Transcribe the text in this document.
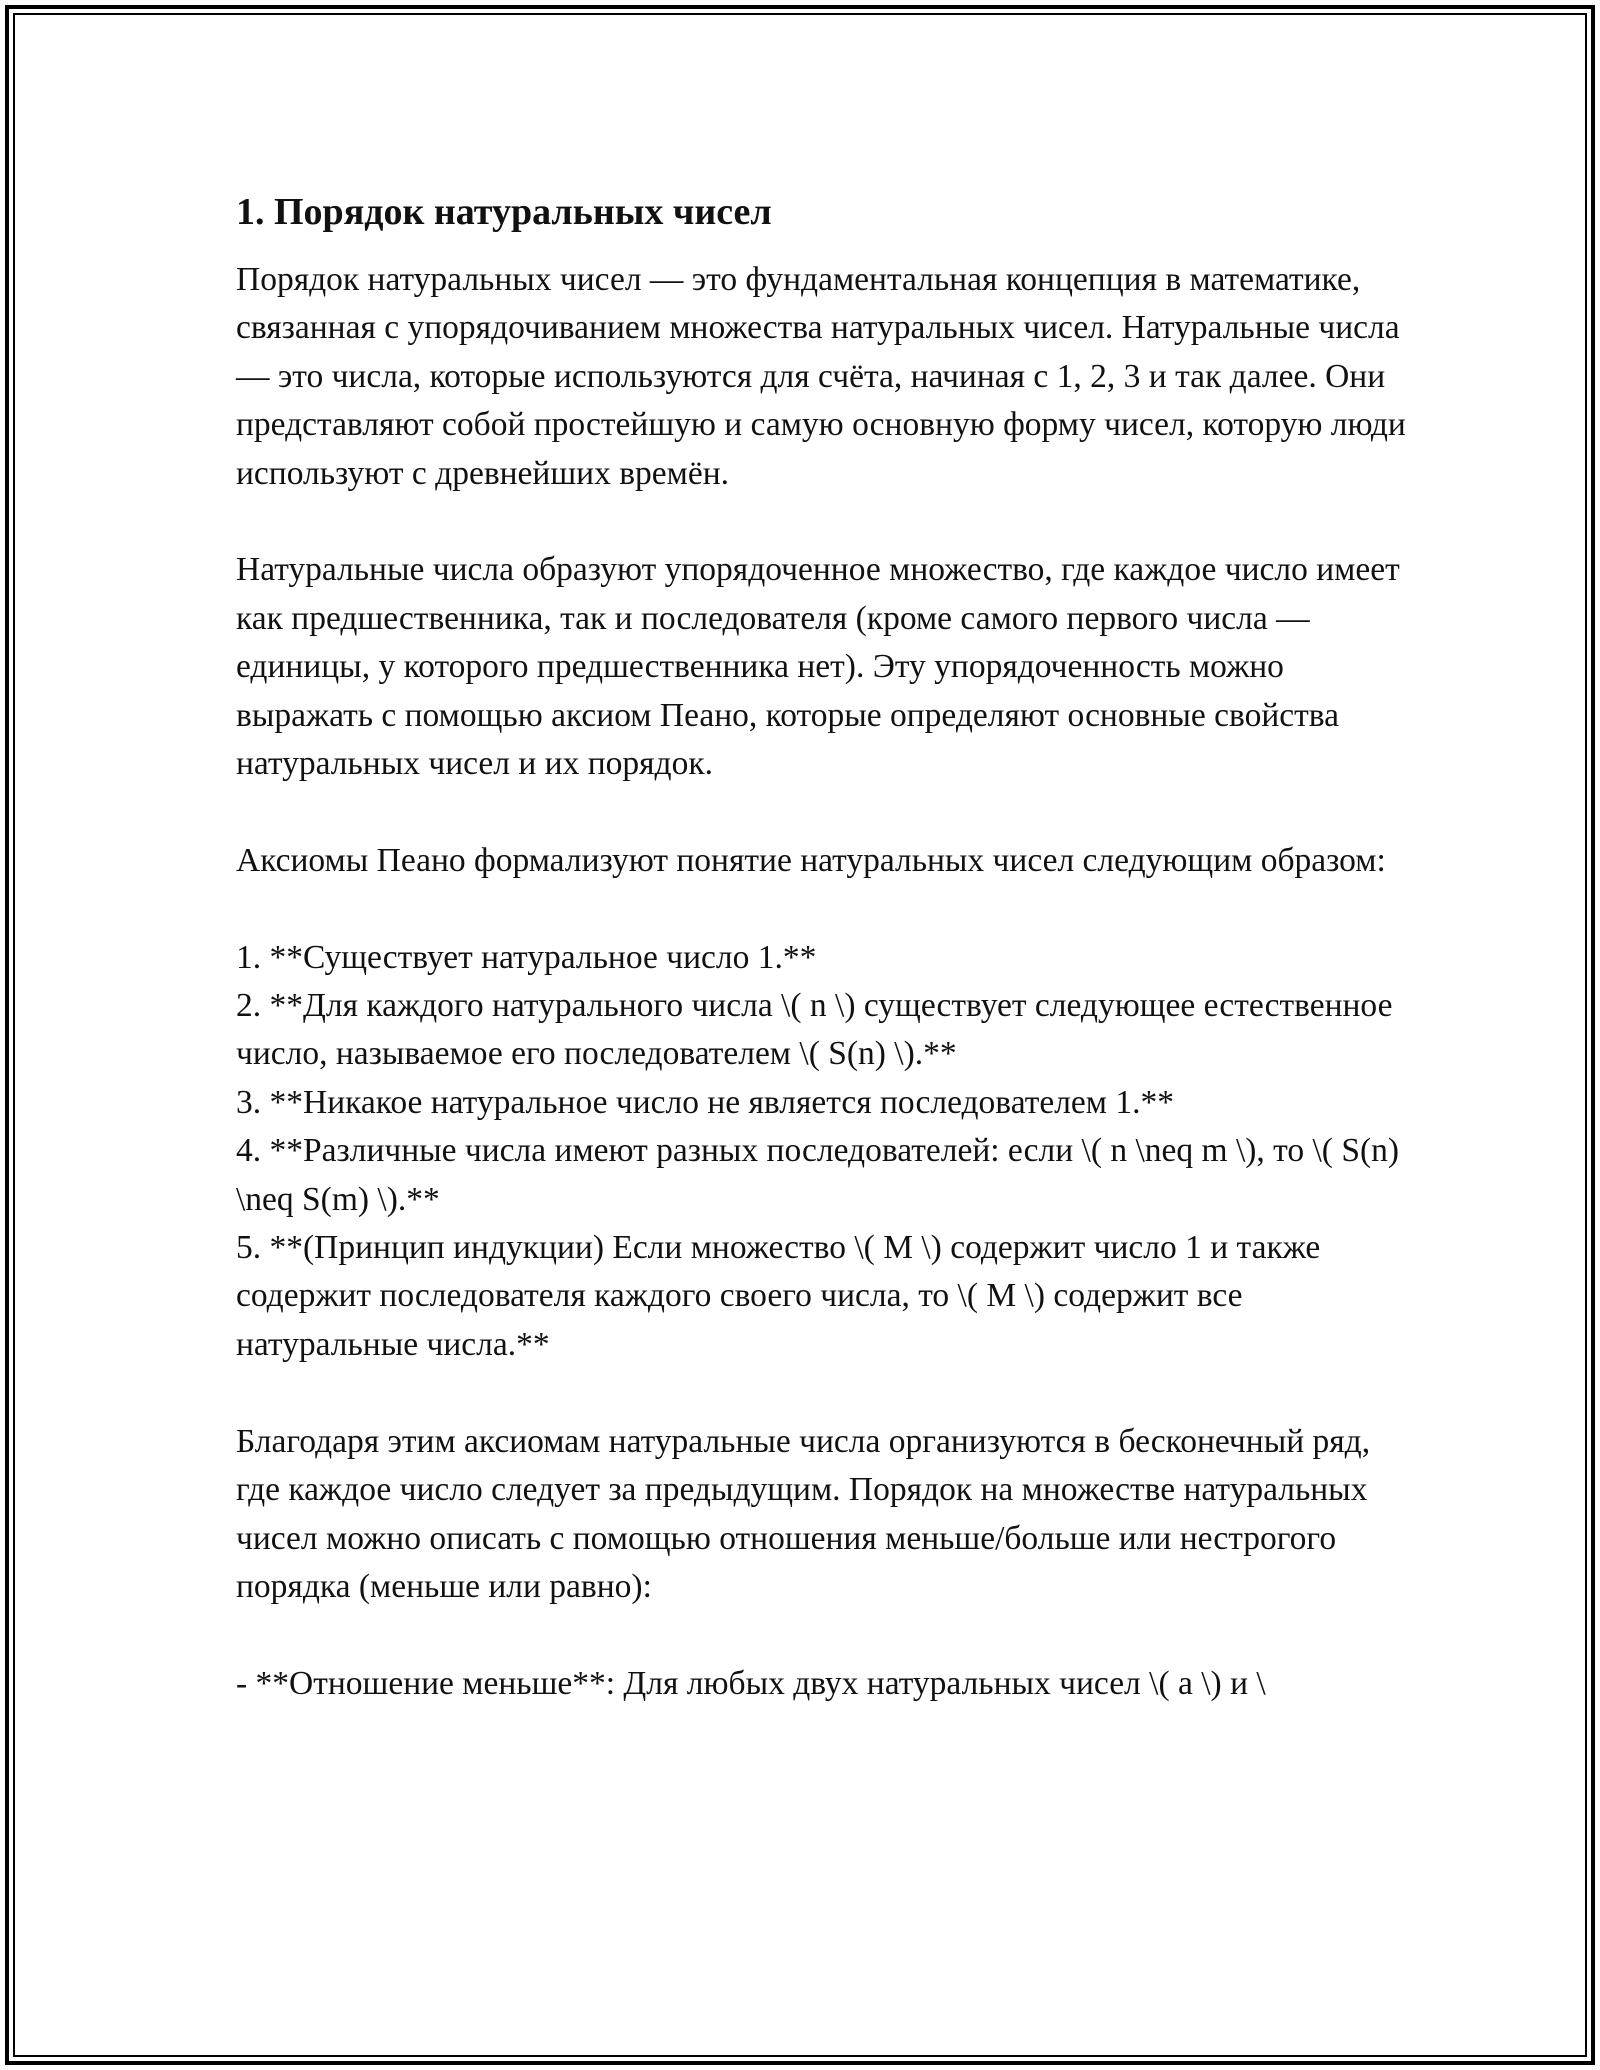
1. Порядок натуральных чисел
Порядок натуральных чисел — это фундаментальная концепция в математике, связанная с упорядочиванием множества натуральных чисел. Натуральные числа — это числа, которые используются для счёта, начиная с 1, 2, 3 и так далее. Они представляют собой простейшую и самую основную форму чисел, которую люди используют с древнейших времён.
Натуральные числа образуют упорядоченное множество, где каждое число имеет как предшественника, так и последователя (кроме самого первого числа — единицы, у которого предшественника нет). Эту упорядоченность можно выражать с помощью аксиом Пеано, которые определяют основные свойства натуральных чисел и их порядок.
Аксиомы Пеано формализуют понятие натуральных чисел следующим образом:
1. **Существует натуральное число 1.**
2. **Для каждого натурального числа \( n \) существует следующее естественное число, называемое его последователем \( S(n) \).**
3. **Никакое натуральное число не является последователем 1.**
4. **Различные числа имеют разных последователей: если \( n \neq m \), то \( S(n) \neq S(m) \).**
5. **(Принцип индукции) Если множество \( M \) содержит число 1 и также содержит последователя каждого своего числа, то \( M \) содержит все натуральные числа.**
Благодаря этим аксиомам натуральные числа организуются в бесконечный ряд, где каждое число следует за предыдущим. Порядок на множестве натуральных чисел можно описать с помощью отношения меньше/больше или нестрогого порядка (меньше или равно):
- **Отношение меньше**: Для любых двух натуральных чисел \( a \) и \
